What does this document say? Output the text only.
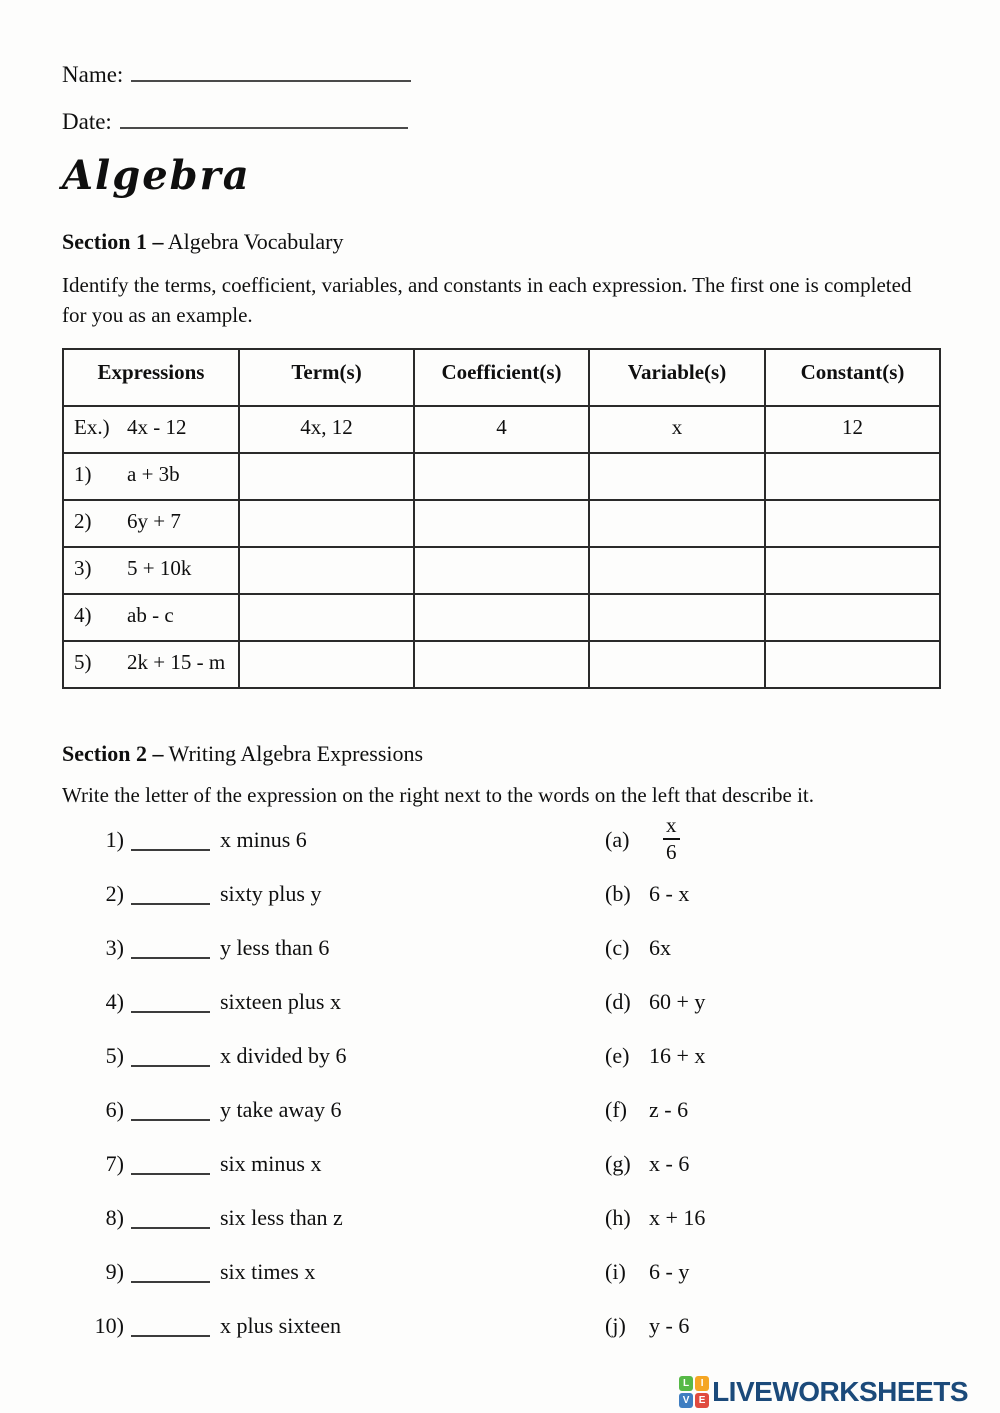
Name:
Date:
Algebra
Section 1 – Algebra Vocabulary
Identify the terms, coefficient, variables, and constants in each expression. The first one is completed for you as an example.
Expressions	Term(s)	Coefficient(s)	Variable(s)	Constant(s)
Ex.) 4x - 12	4x, 12	4	x	12
1) a + 3b				
2) 6y + 7				
3) 5 + 10k				
4) ab - c				
5) 2k + 15 - m				
Section 2 – Writing Algebra Expressions
Write the letter of the expression on the right next to the words on the left that describe it.
1)	x minus 6	(a)	$\frac{x}{6}$
2)	sixty plus y	(b) 6 - x
3)	y less than 6	(c) 6x
4)	sixteen plus x	(d) 60 + y
5)	x divided by 6	(e) 16 + x
6)	y take away 6	(f)	z - 6
7)	six minus x	(g) x - 6
8)	six less than z	(h) x + 16
9)	six times x	(i)	6 - y
10)	x plus sixteen	(j)	y - 6
L	I
V E LIVEWORKSHEETS
